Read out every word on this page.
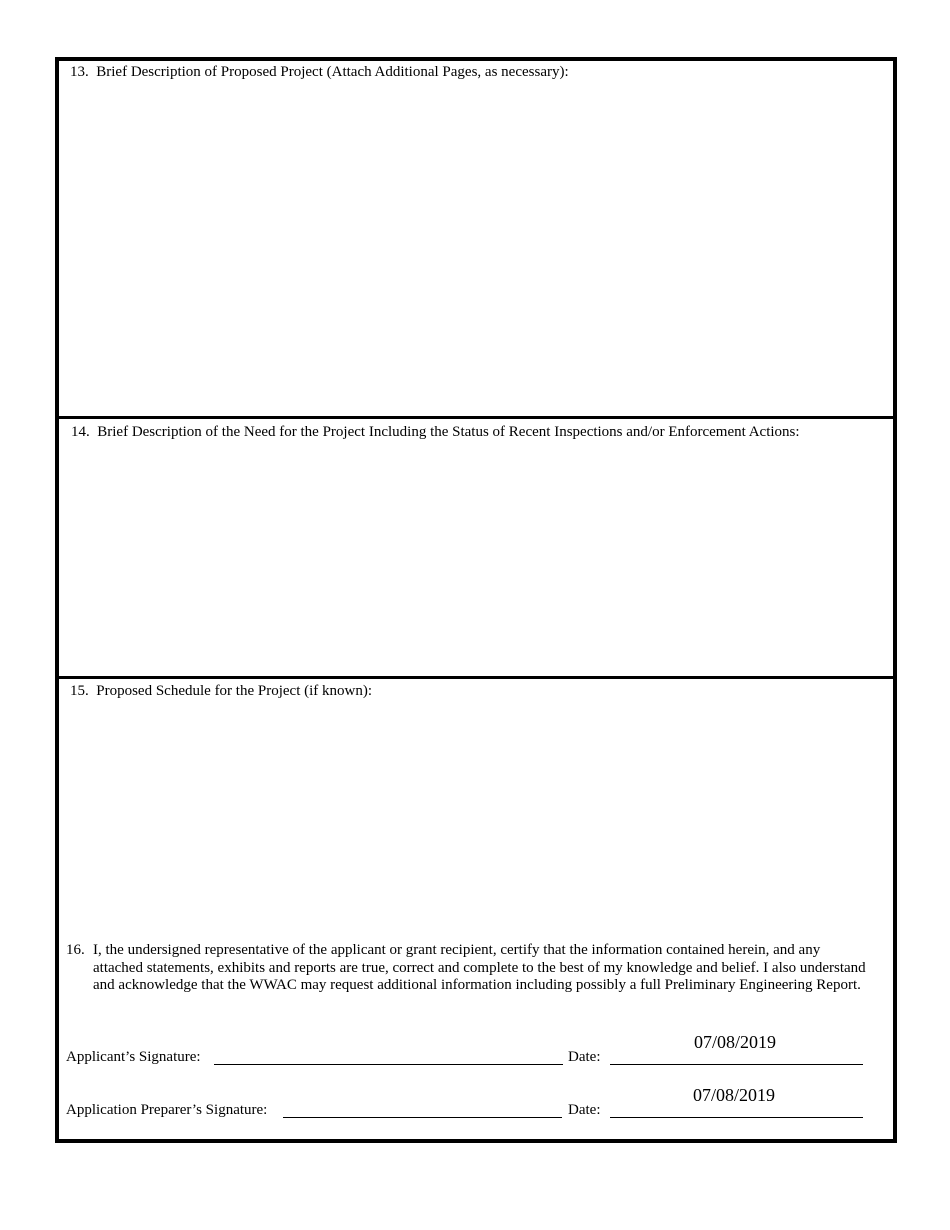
13. Brief Description of Proposed Project (Attach Additional Pages, as necessary):
14. Brief Description of the Need for the Project Including the Status of Recent Inspections and/or Enforcement Actions:
15. Proposed Schedule for the Project (if known):
16. I, the undersigned representative of the applicant or grant recipient, certify that the information contained herein, and any attached statements, exhibits and reports are true, correct and complete to the best of my knowledge and belief. I also understand and acknowledge that the WWAC may request additional information including possibly a full Preliminary Engineering Report.
Applicant’s Signature:	Date:
07/08/2019
Application Preparer’s Signature:	Date:
07/08/2019
